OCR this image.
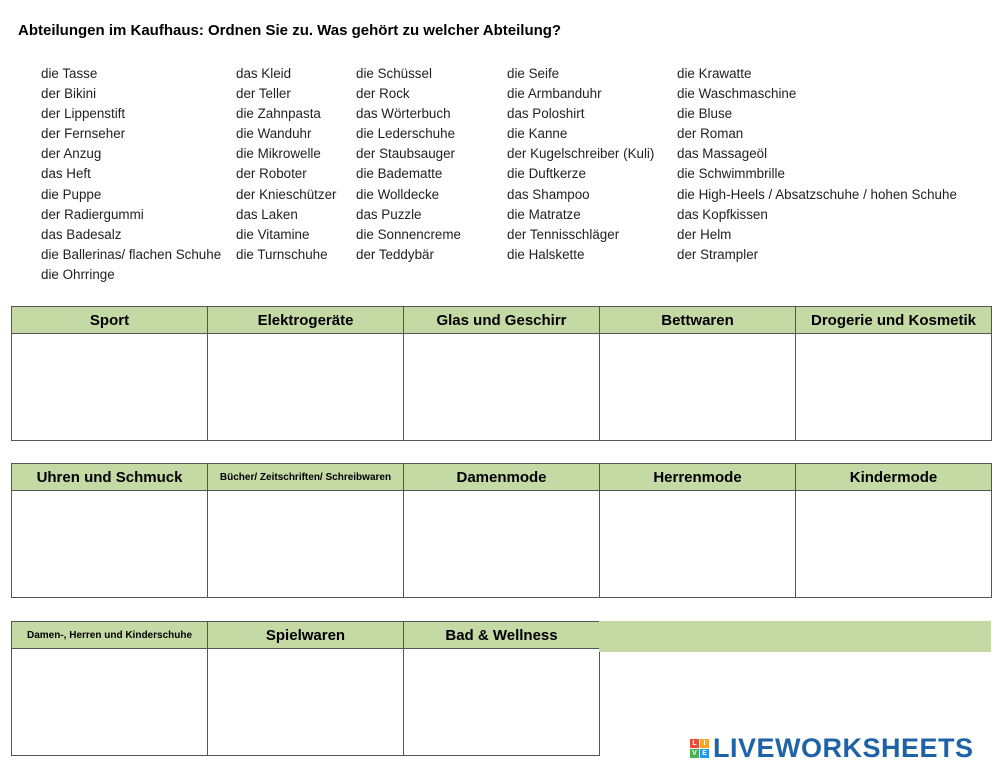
Abteilungen im Kaufhaus: Ordnen Sie zu. Was gehört zu welcher Abteilung?
die Tasse
der Bikini
der Lippenstift
der Fernseher
der Anzug
das Heft
die Puppe
der Radiergummi
das Badesalz
die Ballerinas/ flachen Schuhe
die Ohrringe
das Kleid
der Teller
die Zahnpasta
die Wanduhr
die Mikrowelle
der Roboter
der Knieschützer
das Laken
die Vitamine
die Turnschuhe
die Schüssel
der Rock
das Wörterbuch
die Lederschuhe
der Staubsauger
die Bademattе
die Wolldecke
das Puzzle
die Sonnencreme
der Teddybär
die Seife
die Armbanduhr
das Poloshirt
die Kanne
der Kugelschreiber (Kuli)
die Duftkerze
das Shampoo
die Matratze
der Tennisschläger
die Halskette
die Krawatte
die Waschmaschine
die Bluse
der Roman
das Massageöl
die Schwimmbrille
die High-Heels / Absatzschuhe / hohen Schuhe
das Kopfkissen
der Helm
der Strampler
Sport	Elektrogeräte	Glas und Geschirr	Bettwaren	Drogerie und Kosmetik

Uhren und Schmuck	Bücher/ Zeitschriften/ Schreibwaren	Damenmode	Herrenmode	Kindermode

Damen-, Herren und Kinderschuhe	Spielwaren	Bad & Wellness

L I
V E LIVEWORKSHEETS
